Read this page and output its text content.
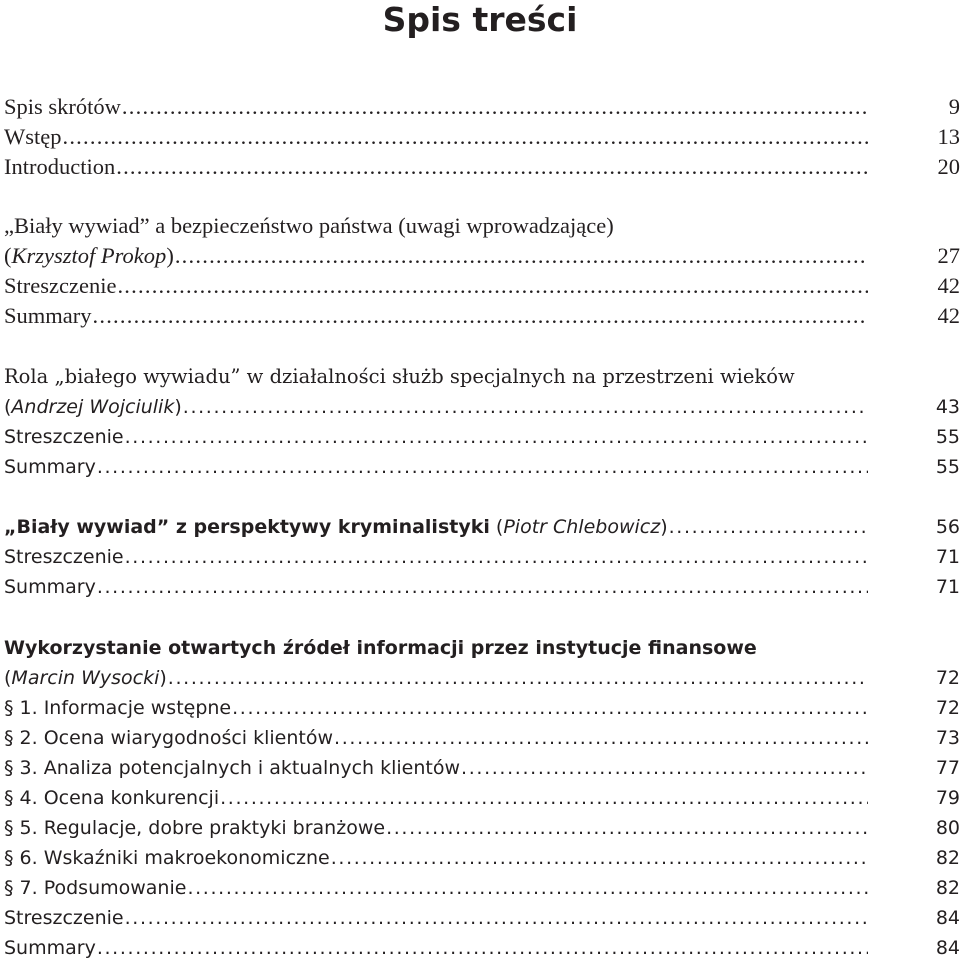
Spis treści
Spis skrótów . . .	9
Wstęp . . .	13
Introduction . . .	20
„Biały wywiad” a bezpieczeństwo państwa (uwagi wprowadzające)
(Krzysztof Prokop) . . .	27
Streszczenie . . .	42
Summary . . .	42
Rola „białego wywiadu” w działalności służb specjalnych na przestrzeni wieków
(Andrzej Wojciulik) . . .	43
Streszczenie . . .	55
Summary . . .	55
„Biały wywiad” z perspektywy kryminalistyki (Piotr Chlebowicz) . . .	56
Streszczenie . . .	71
Summary . . .	71
Wykorzystanie otwartych źródeł informacji przez instytucje finansowe
(Marcin Wysocki) . . .	72
§ 1. Informacje wstępne . . .	72
§ 2. Ocena wiarygodności klientów . . .	73
§ 3. Analiza potencjalnych i aktualnych klientów . . .	77
§ 4. Ocena konkurencji . . .	79
§ 5. Regulacje, dobre praktyki branżowe . . .	80
§ 6. Wskaźniki makroekonomiczne . . .	82
§ 7. Podsumowanie . . .	82
Streszczenie . . .	84
Summary . . .	84
